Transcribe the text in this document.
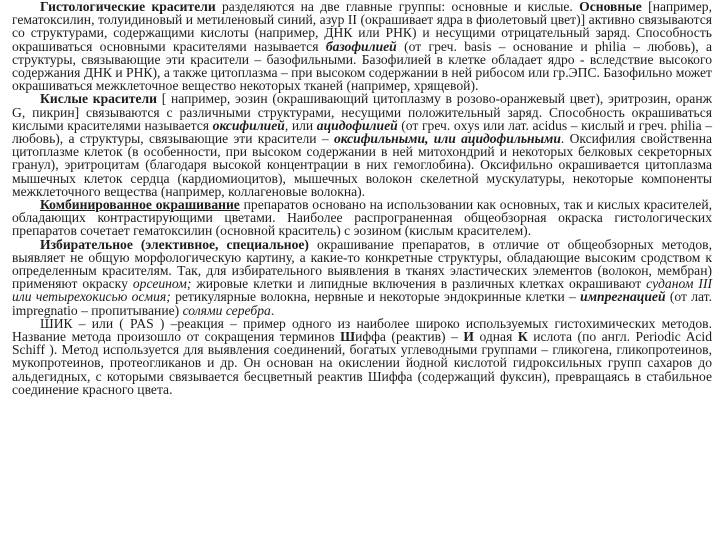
Гистологические красители разделяются на две главные группы: основные и кислые. Основные [например, гематоксилин, толуидиновый и метиленовый синий, азур II (окрашивает ядра в фиолетовый цвет)] активно связываются со структурами, содержащими кислоты (например, ДНК или РНК) и несущими отрицательный заряд. Способность окрашиваться основными красителями называется базофилией (от греч. basis – основание и philia – любовь), а структуры, связывающие эти красители – базофильными. Базофилией в клетке обладает ядро - вследствие высокого содержания ДНК и РНК), а также цитоплазма – при высоком содержании в ней рибосом или гр.ЭПС. Базофильно может окрашиваться межклеточное вещество некоторых тканей (например, хрящевой).

Кислые красители [ например, эозин (окрашивающий цитоплазму в розово-оранжевый цвет), эритрозин, оранж G, пикрин] связываются с различными структурами, несущими положительный заряд. Способность окрашиваться кислыми красителями называется оксифилией, или ацидофилией (от греч. oxys или лат. acidus – кислый и греч. philia – любовь), а структуры, связывающие эти красители – оксифильными, или ацидофильными. Оксифилия свойственна цитоплазме клеток (в особенности, при высоком содержании в ней митохондрий и некоторых белковых секреторных гранул), эритроцитам (благодаря высокой концентрации в них гемоглобина). Оксифильно окрашивается цитоплазма мышечных клеток сердца (кардиомиоцитов), мышечных волокон скелетной мускулатуры, некоторые компоненты межклеточного вещества (например, коллагеновые волокна).

Комбинированное окрашивание препаратов основано на использовании как основных, так и кислых красителей, обладающих контрастирующими цветами. Наиболее распрограненная общеобзорная окраска гистологических препаратов сочетает гематоксилин (основной краситель) с эозином (кислым красителем).

Избирательное (элективное, специальное) окрашивание препаратов, в отличие от общеобзорных методов, выявляет не общую морфологическую картину, а какие-то конкретные структуры, обладающие высоким сродством к определенным красителям. Так, для избирательного выявления в тканях эластических элементов (волокон, мембран) применяют окраску орсеином; жировые клетки и липидные включения в различных клетках окрашивают суданом III или четырехокисью осмия; ретикулярные волокна, нервные и некоторые эндокринные клетки – импрегнацией (от лат. impregnatio – пропитывание) солями серебра.

ШИК – или ( PAS ) –реакция – пример одного из наиболее широко используемых гистохимических методов. Название метода произошло от сокращения терминов Шиффа (реактив) – И одная К ислота (по англ. Periodic Acid Schiff ). Метод используется для выявления соединений, богатых углеводными группами – гликогена, гликопротеинов, мукопротеинов, протеогликанов и др. Он основан на окислении йодной кислотой гидроксильных групп сахаров до альдегидных, с которыми связывается бесцветный реактив Шиффа (содержащий фуксин), превращаясь в стабильное соединение красного цвета.
